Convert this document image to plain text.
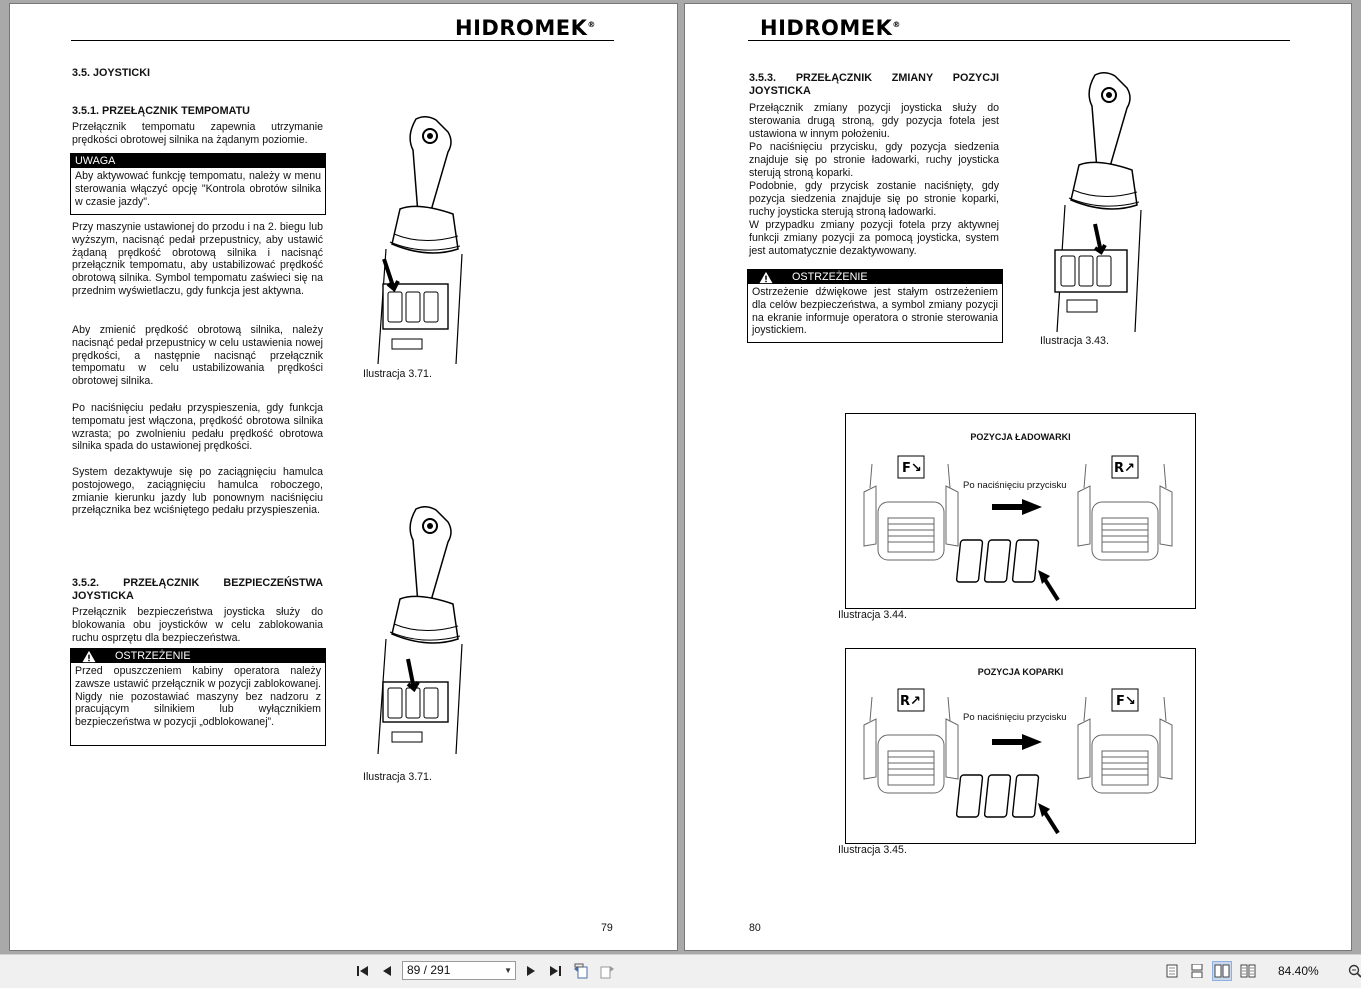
HIDROMEK®
3.5. JOYSTICKI
3.5.1. PRZEŁĄCZNIK TEMPOMATU
Przełącznik tempomatu zapewnia utrzymanie prędkości obrotowej silnika na żądanym poziomie.
UWAGA
Aby aktywować funkcję tempomatu, należy w menu sterowania włączyć opcję "Kontrola obrotów silnika w czasie jazdy".
Przy maszynie ustawionej do przodu i na 2. biegu lub wyższym, nacisnąć pedał przepustnicy, aby ustawić żądaną prędkość obrotową silnika i nacisnąć przełącznik tempomatu, aby ustabilizować prędkość obrotową silnika. Symbol tempomatu zaświeci się na przednim wyświetlaczu, gdy funkcja jest aktywna.
Aby zmienić prędkość obrotową silnika, należy nacisnąć pedał przepustnicy w celu ustawienia nowej prędkości, a następnie nacisnąć przełącznik tempomatu w celu ustabilizowania prędkości obrotowej silnika.
Po naciśnięciu pedału przyspieszenia, gdy funkcja tempomatu jest włączona, prędkość obrotowa silnika wzrasta; po zwolnieniu pedału prędkość obrotowa silnika spada do ustawionej prędkości.
System dezaktywuje się po zaciągnięciu hamulca postojowego, zaciągnięciu hamulca roboczego, zmianie kierunku jazdy lub ponownym naciśnięciu przełącznika bez wciśniętego pedału przyspieszenia.
Ilustracja 3.71.
3.5.2. PRZEŁĄCZNIK BEZPIECZEŃSTWA
JOYSTICKA
Przełącznik bezpieczeństwa joysticka służy do blokowania obu joysticków w celu zablokowania ruchu osprzętu dla bezpieczeństwa.
OSTRZEŻENIE
Przed opuszczeniem kabiny operatora należy zawsze ustawić przełącznik w pozycji zablokowanej. Nigdy nie pozostawiać maszyny bez nadzoru z pracującym silnikiem lub wyłącznikiem bezpieczeństwa w pozycji „odblokowanej”.
Ilustracja 3.71.
79
HIDROMEK®
3.5.3. PRZEŁĄCZNIK ZMIANY POZYCJI
JOYSTICKA
Przełącznik zmiany pozycji joysticka służy do sterowania drugą stroną, gdy pozycja fotela jest ustawiona w innym położeniu.
Po naciśnięciu przycisku, gdy pozycja siedzenia znajduje się po stronie ładowarki, ruchy joysticka sterują stroną koparki.
Podobnie, gdy przycisk zostanie naciśnięty, gdy pozycja siedzenia znajduje się po stronie koparki, ruchy joysticka sterują stroną ładowarki.
W przypadku zmiany pozycji fotela przy aktywnej funkcji zmiany pozycji za pomocą joysticka, system jest automatycznie dezaktywowany.
OSTRZEŻENIE
Ostrzeżenie dźwiękowe jest stałym ostrzeżeniem dla celów bezpieczeństwa, a symbol zmiany pozycji na ekranie informuje operatora o stronie sterowania joystickiem.
Ilustracja 3.43.
POZYCJA ŁADOWARKI
Po naciśnięciu przycisku
F↘	R↗
Ilustracja 3.44.
POZYCJA KOPARKI
Po naciśnięciu przycisku
R↗	F↘
Ilustracja 3.45.
80
89 / 291	▼	84.40%
